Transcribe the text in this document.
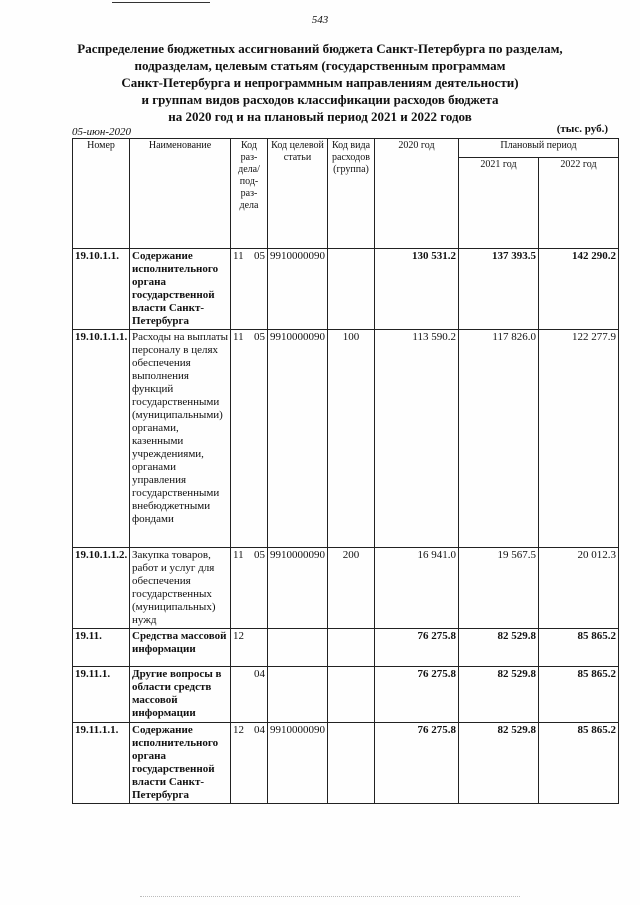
543
Распределение бюджетных ассигнований бюджета Санкт-Петербурга по разделам,
подразделам, целевым статьям (государственным программам
Санкт-Петербурга и непрограммным направлениям деятельности)
и группам видов расходов классификации расходов бюджета
на 2020 год и на плановый период 2021 и 2022 годов
05-июн-2020	(тыс. руб.)
Номер	Наименование	Код раз-дела/ под-раз-дела	Код целевой статьи	Код вида расходов (группа)	2020 год	Плановый период	
						2021 год	2022 год
19.10.1.1.	Содержание исполнительного органа государственной власти Санкт-Петербурга	11 05	9910000090		130 531.2	137 393.5	142 290.2
19.10.1.1.1.	Расходы на выплаты персоналу в целях обеспечения выполнения функций государственными (муниципальными) органами, казенными учреждениями, органами управления государственными внебюджетными фондами	11 05	9910000090	100	113 590.2	117 826.0	122 277.9
19.10.1.1.2.	Закупка товаров, работ и услуг для обеспечения государственных (муниципальных) нужд	11 05	9910000090	200	16 941.0	19 567.5	20 012.3
19.11.	Средства массовой информации	12			76 275.8	82 529.8	85 865.2
19.11.1.	Другие вопросы в области средств массовой информации	04			76 275.8	82 529.8	85 865.2
19.11.1.1.	Содержание исполнительного органа государственной власти Санкт-Петербурга	12 04	9910000090		76 275.8	82 529.8	85 865.2
